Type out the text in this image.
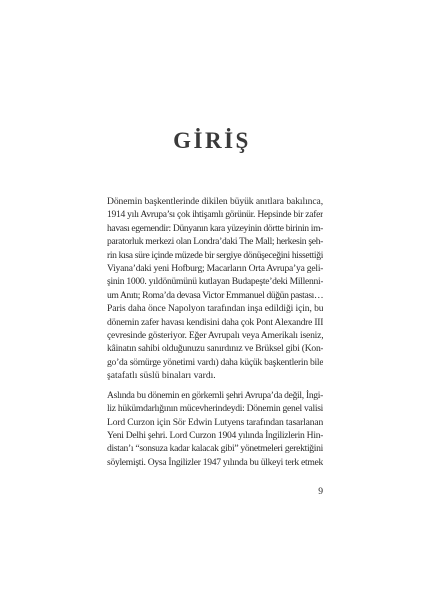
GİRİŞ

Dönemin başkentlerinde dikilen büyük anıtlara bakılınca,
1914 yılı Avrupa’sı çok ihtişamlı görünür. Hepsinde bir zafer
havası egemendir: Dünyanın kara yüzeyinin dörtte birinin im-
paratorluk merkezi olan Londra’daki The Mall; herkesin şeh-
rin kısa süre içinde müzede bir sergiye dönüşeceğini hissettiği
Viyana’daki yeni Hofburg; Macarların Orta Avrupa’ya geli-
şinin 1000. yıldönümünü kutlayan Budapeşte’deki Millenni-
um Anıtı; Roma’da devasa Victor Emmanuel düğün pastası…
Paris daha önce Napolyon tarafından inşa edildiği için, bu
dönemin zafer havası kendisini daha çok Pont Alexandre III
çevresinde gösteriyor. Eğer Avrupalı veya Amerikalı iseniz,
kâinatın sahibi olduğunuzu sanırdınız ve Brüksel gibi (Kon-
go’da sömürge yönetimi vardı) daha küçük başkentlerin bile
şatafatlı süslü binaları vardı.

Aslında bu dönemin en görkemli şehri Avrupa’da değil, İngi-
liz hükümdarlığının mücevherindeydi: Dönemin genel valisi
Lord Curzon için Sör Edwin Lutyens tarafından tasarlanan
Yeni Delhi şehri. Lord Curzon 1904 yılında İngilizlerin Hin-
distan’ı “sonsuza kadar kalacak gibi” yönetmeleri gerektiğini
söylemişti. Oysa İngilizler 1947 yılında bu ülkeyi terk etmek

9
